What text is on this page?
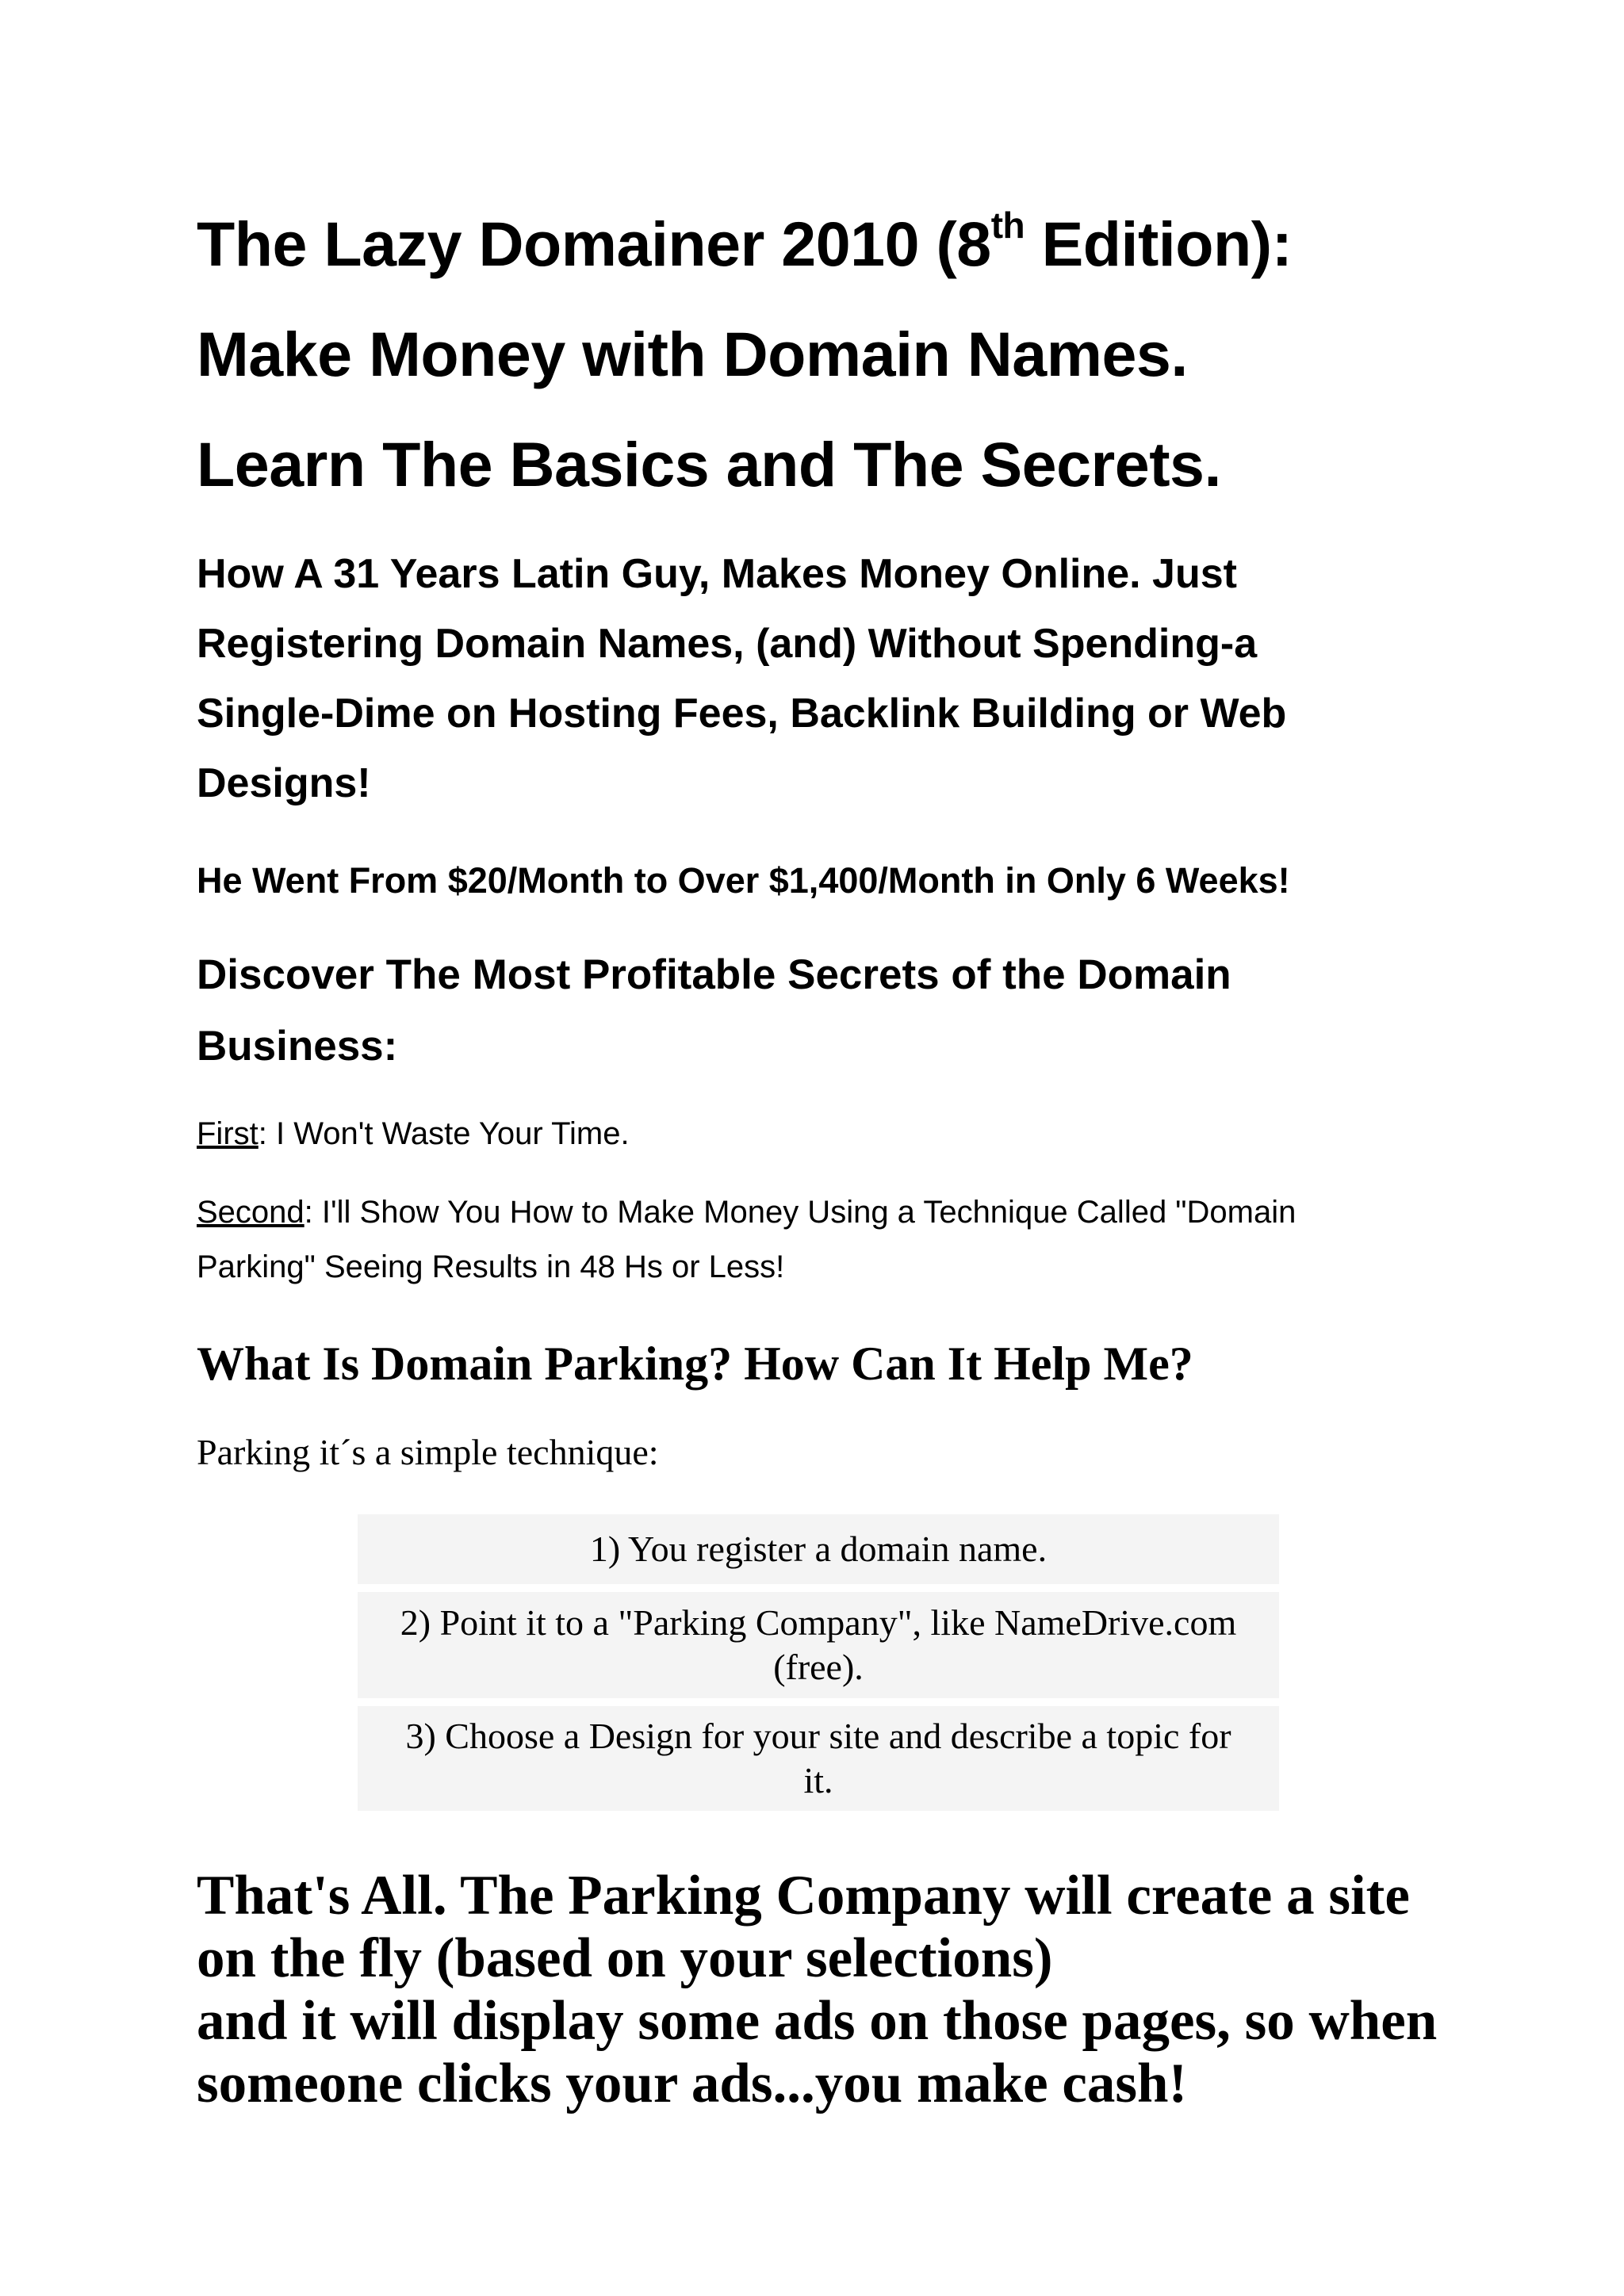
The Lazy Domainer 2010 (8th Edition):
Make Money with Domain Names.
Learn The Basics and The Secrets.
How A 31 Years Latin Guy, Makes Money Online. Just
Registering Domain Names, (and) Without Spending-a
Single-Dime on Hosting Fees, Backlink Building or Web
Designs!

He Went From $20/Month to Over $1,400/Month in Only 6 Weeks!

Discover The Most Profitable Secrets of the Domain
Business:

First: I Won't Waste Your Time.

Second: I'll Show You How to Make Money Using a Technique Called "Domain
Parking" Seeing Results in 48 Hs or Less!

What Is Domain Parking? How Can It Help Me?

Parking it´s a simple technique:

1) You register a domain name.
2) Point it to a "Parking Company", like NameDrive.com
(free).
3) Choose a Design for your site and describe a topic for
it.

That's All. The Parking Company will create a site
on the fly (based on your selections)
and it will display some ads on those pages, so when
someone clicks your ads...you make cash!
